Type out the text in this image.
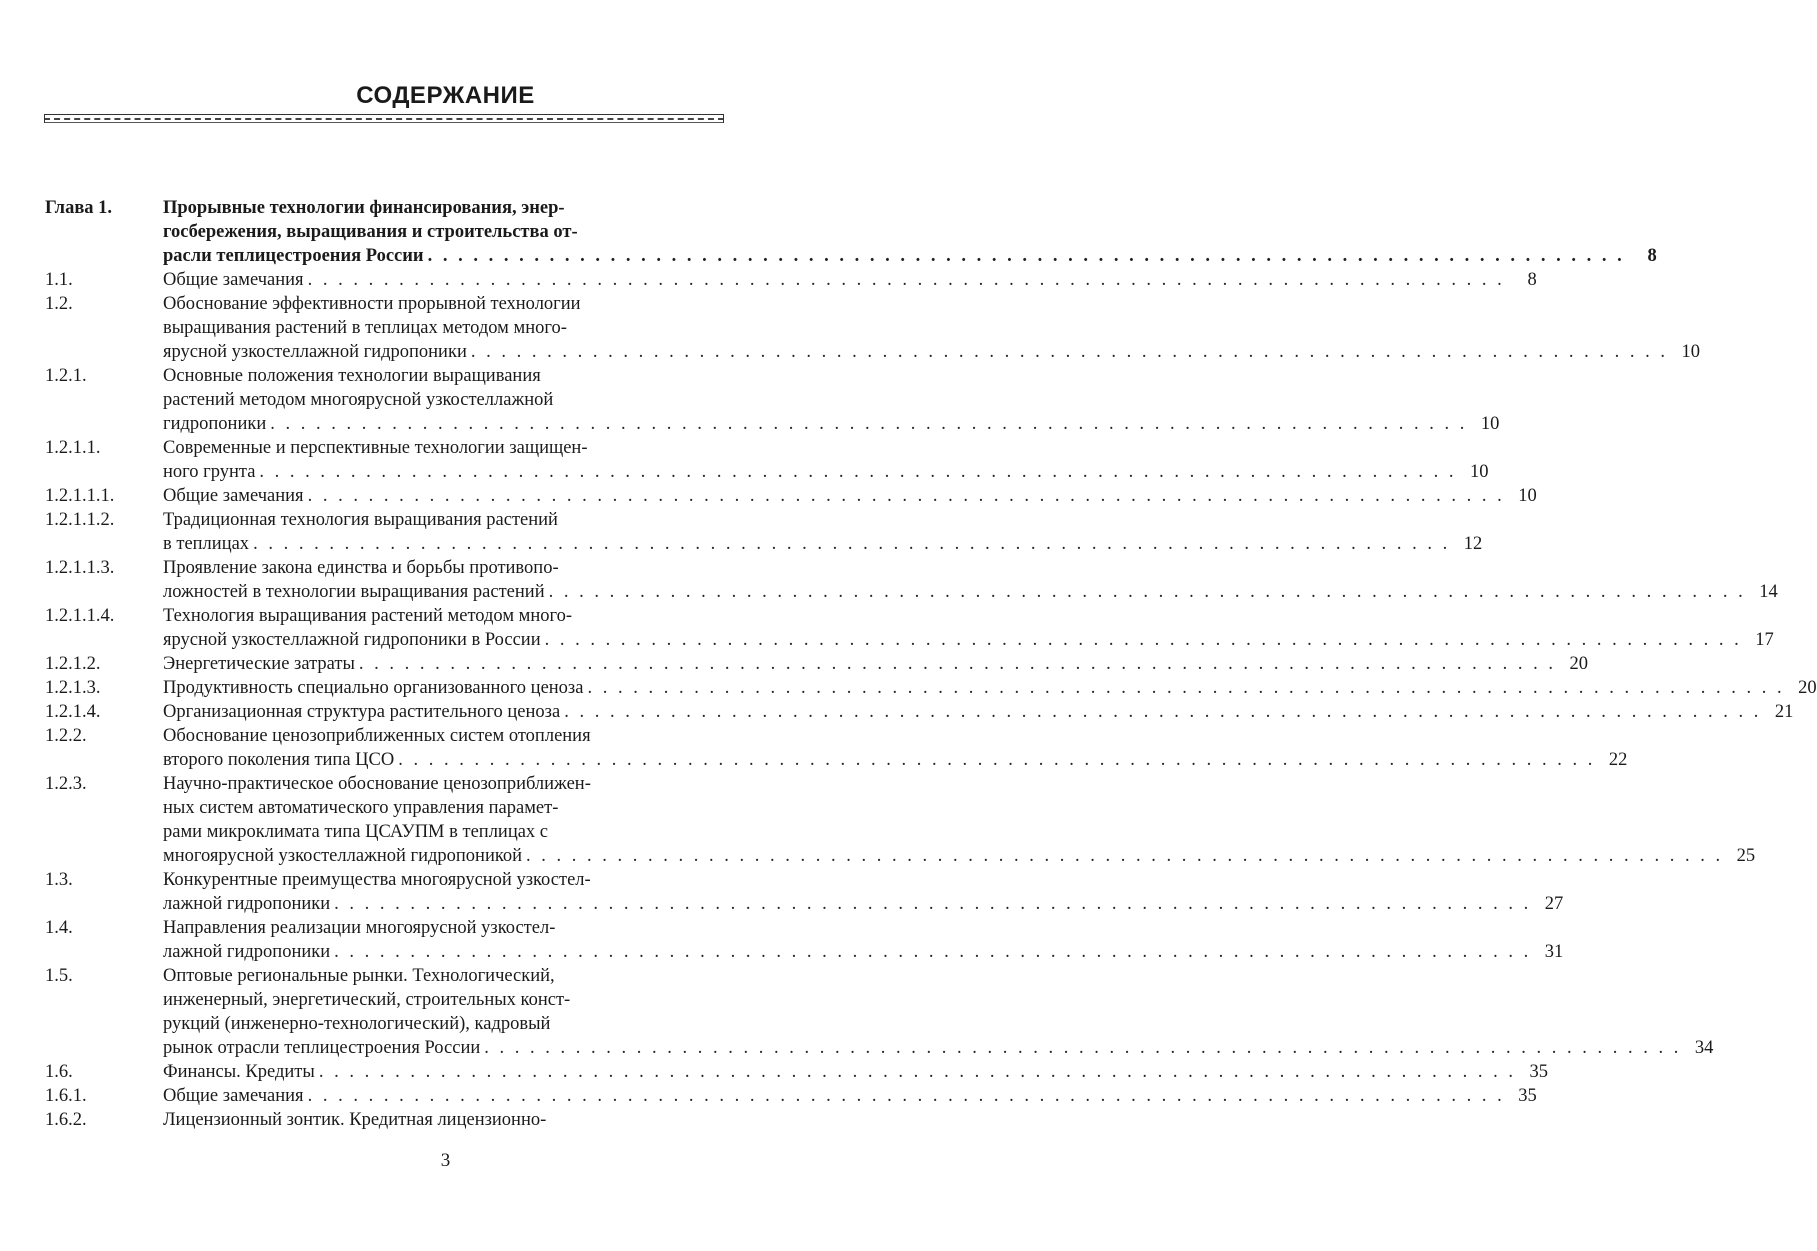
СОДЕРЖАНИЕ
Глава 1.	Прорывные технологии финансирования, энер-
госбережения, выращивания и строительства от-
расли теплицестроения России . . .	8
1.1.	Общие замечания . . .	8
1.2.	Обоснование эффективности прорывной технологии
выращивания растений в теплицах методом много-
ярусной узкостеллажной гидропоники . . .	10
1.2.1.	Основные положения технологии выращивания
растений методом многоярусной узкостеллажной
гидропоники . . .	10
1.2.1.1.	Современные и перспективные технологии защищен-
ного грунта . . .	10
1.2.1.1.1.	Общие замечания . . .	10
1.2.1.1.2.	Традиционная технология выращивания растений
в теплицах . . .	12
1.2.1.1.3.	Проявление закона единства и борьбы противопо-
ложностей в технологии выращивания растений . . .	14
1.2.1.1.4.	Технология выращивания растений методом много-
ярусной узкостеллажной гидропоники в России . . .	17
1.2.1.2.	Энергетические затраты . . .	20
1.2.1.3.	Продуктивность специально организованного ценоза . . .	20
1.2.1.4.	Организационная структура растительного ценоза . . .	21
1.2.2.	Обоснование ценозоприближенных систем отопления
второго поколения типа ЦСО . . .	22
1.2.3.	Научно-практическое обоснование ценозоприближен-
ных систем автоматического управления парамет-
рами микроклимата типа ЦСАУПМ в теплицах с
многоярусной узкостеллажной гидропоникой . . .	25
1.3.	Конкурентные преимущества многоярусной узкостел-
лажной гидропоники . . .	27
1.4.	Направления реализации многоярусной узкостел-
лажной гидропоники . . .	31
1.5.	Оптовые региональные рынки. Технологический,
инженерный, энергетический, строительных конст-
рукций (инженерно-технологический), кадровый
рынок отрасли теплицестроения России . . .	34
1.6.	Финансы. Кредиты . . .	35
1.6.1.	Общие замечания . . .	35
1.6.2.	Лицензионный зонтик. Кредитная лицензионно-
3
